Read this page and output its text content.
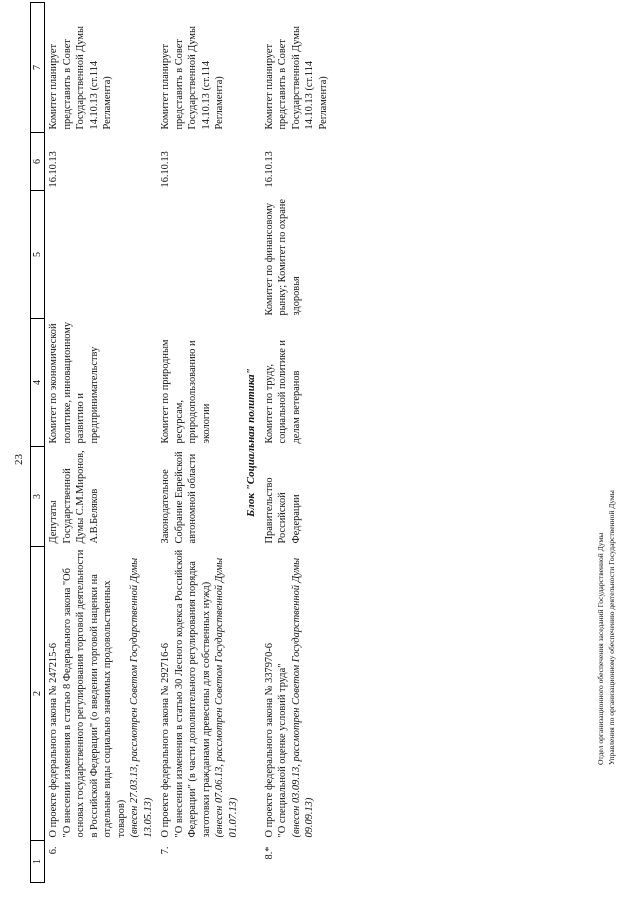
23
1	2	3	4	5	6	7
6.	О проекте федерального закона № 247215-6 "О внесении изменения в статью 8 Федерального закона "Об основах государственного регулирования торговой деятельности в Российской Федерации" (о введении торговой наценки на отдельные виды социально значимых продовольственных товаров) (внесен 27.03.13, рассмотрен Советом Государственной Думы 13.05.13)	Депутаты Государственной Думы С.М.Миронов, А.В.Беляков	Комитет по экономической политике, инновационному развитию и предпринимательству		16.10.13	Комитет планирует представить в Совет Государственной Думы 14.10.13 (ст.114 Регламента)
7.	О проекте федерального закона № 292716-6 "О внесении изменения в статью 30 Лесного кодекса Российской Федерации" (в части дополнительного регулирования порядка заготовки гражданами древесины для собственных нужд) (внесен 07.06.13, рассмотрен Советом Государственной Думы 01.07.13)	Законодательное Собрание Еврейской автономной области	Комитет по природным ресурсам, природопользованию и экологии		16.10.13	Комитет планирует представить в Совет Государственной Думы 14.10.13 (ст.114 Регламента)
Блок "Социальная политика"						
8.*	О проекте федерального закона № 337970-6 "О специальной оценке условий труда" (внесен 03.09.13, рассмотрен Советом Государственной Думы 09.09.13)	Правительство Российской Федерации	Комитет по труду, социальной политике и делам ветеранов	Комитет по финансовому рынку; Комитет по охране здоровья	16.10.13	Комитет планирует представить в Совет Государственной Думы 14.10.13 (ст.114 Регламента)
Отдел организационного обеспечения заседаний Государственной Думы Управления по организационному обеспечению деятельности Государственной Думы
